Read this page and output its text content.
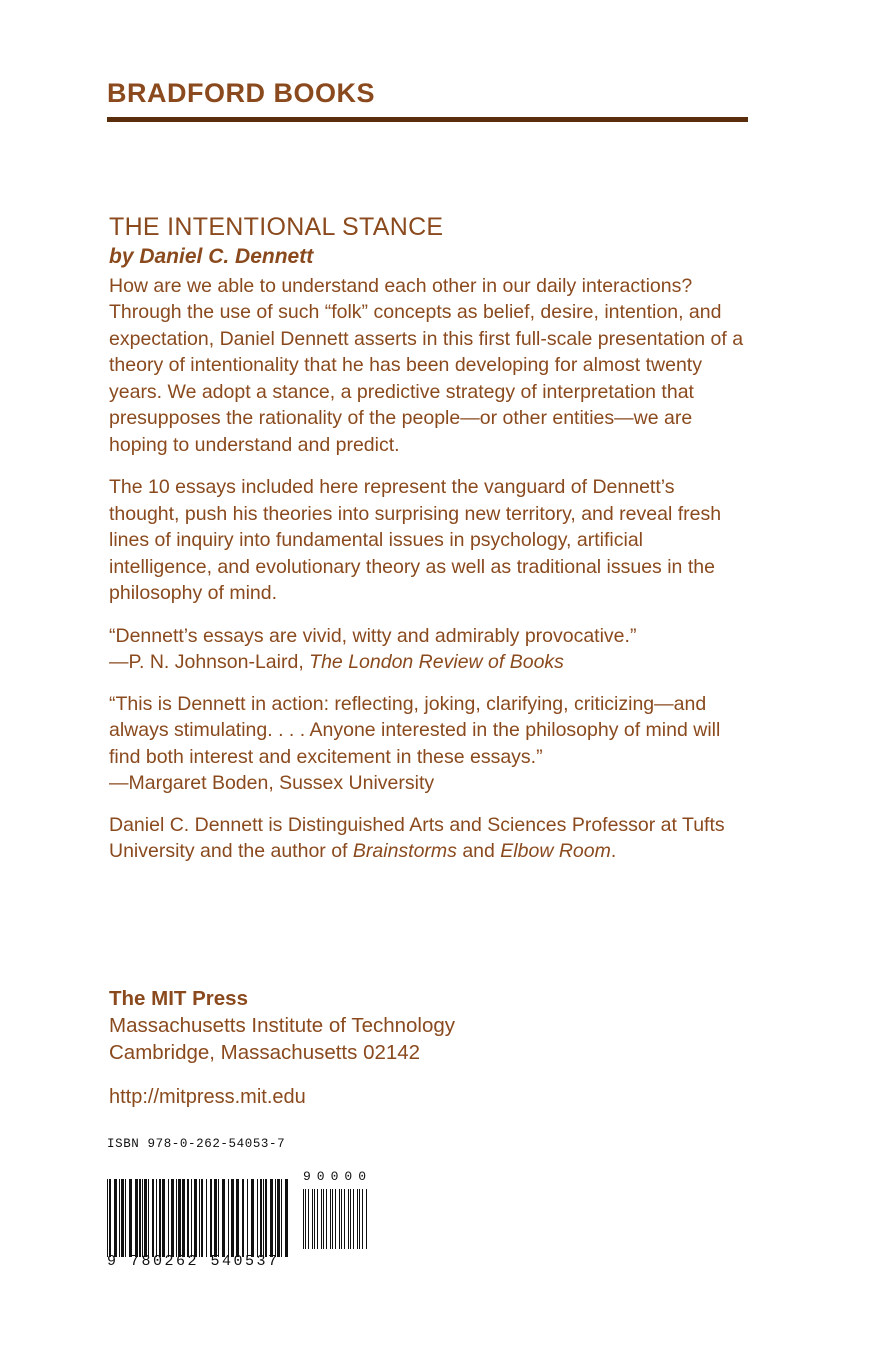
BRADFORD BOOKS
THE INTENTIONAL STANCE
by Daniel C. Dennett

How are we able to understand each other in our daily interactions? Through the use of such “folk” concepts as belief, desire, intention, and expectation, Daniel Dennett asserts in this first full-scale presentation of a theory of intentionality that he has been developing for almost twenty years. We adopt a stance, a predictive strategy of interpretation that presupposes the rationality of the people—or other entities—we are hoping to understand and predict.

The 10 essays included here represent the vanguard of Dennett’s thought, push his theories into surprising new territory, and reveal fresh lines of inquiry into fundamental issues in psychology, artificial intelligence, and evolutionary theory as well as traditional issues in the philosophy of mind.

“Dennett’s essays are vivid, witty and admirably provocative.”
—P. N. Johnson-Laird, The London Review of Books

“This is Dennett in action: reflecting, joking, clarifying, criticizing—and always stimulating. . . . Anyone interested in the philosophy of mind will find both interest and excitement in these essays.”
—Margaret Boden, Sussex University

Daniel C. Dennett is Distinguished Arts and Sciences Professor at Tufts University and the author of Brainstorms and Elbow Room.

The MIT Press

Massachusetts Institute of Technology

Cambridge, Massachusetts 02142

http://mitpress.mit.edu

ISBN 978-0-262-54053-7

90000
9 780262 540537
